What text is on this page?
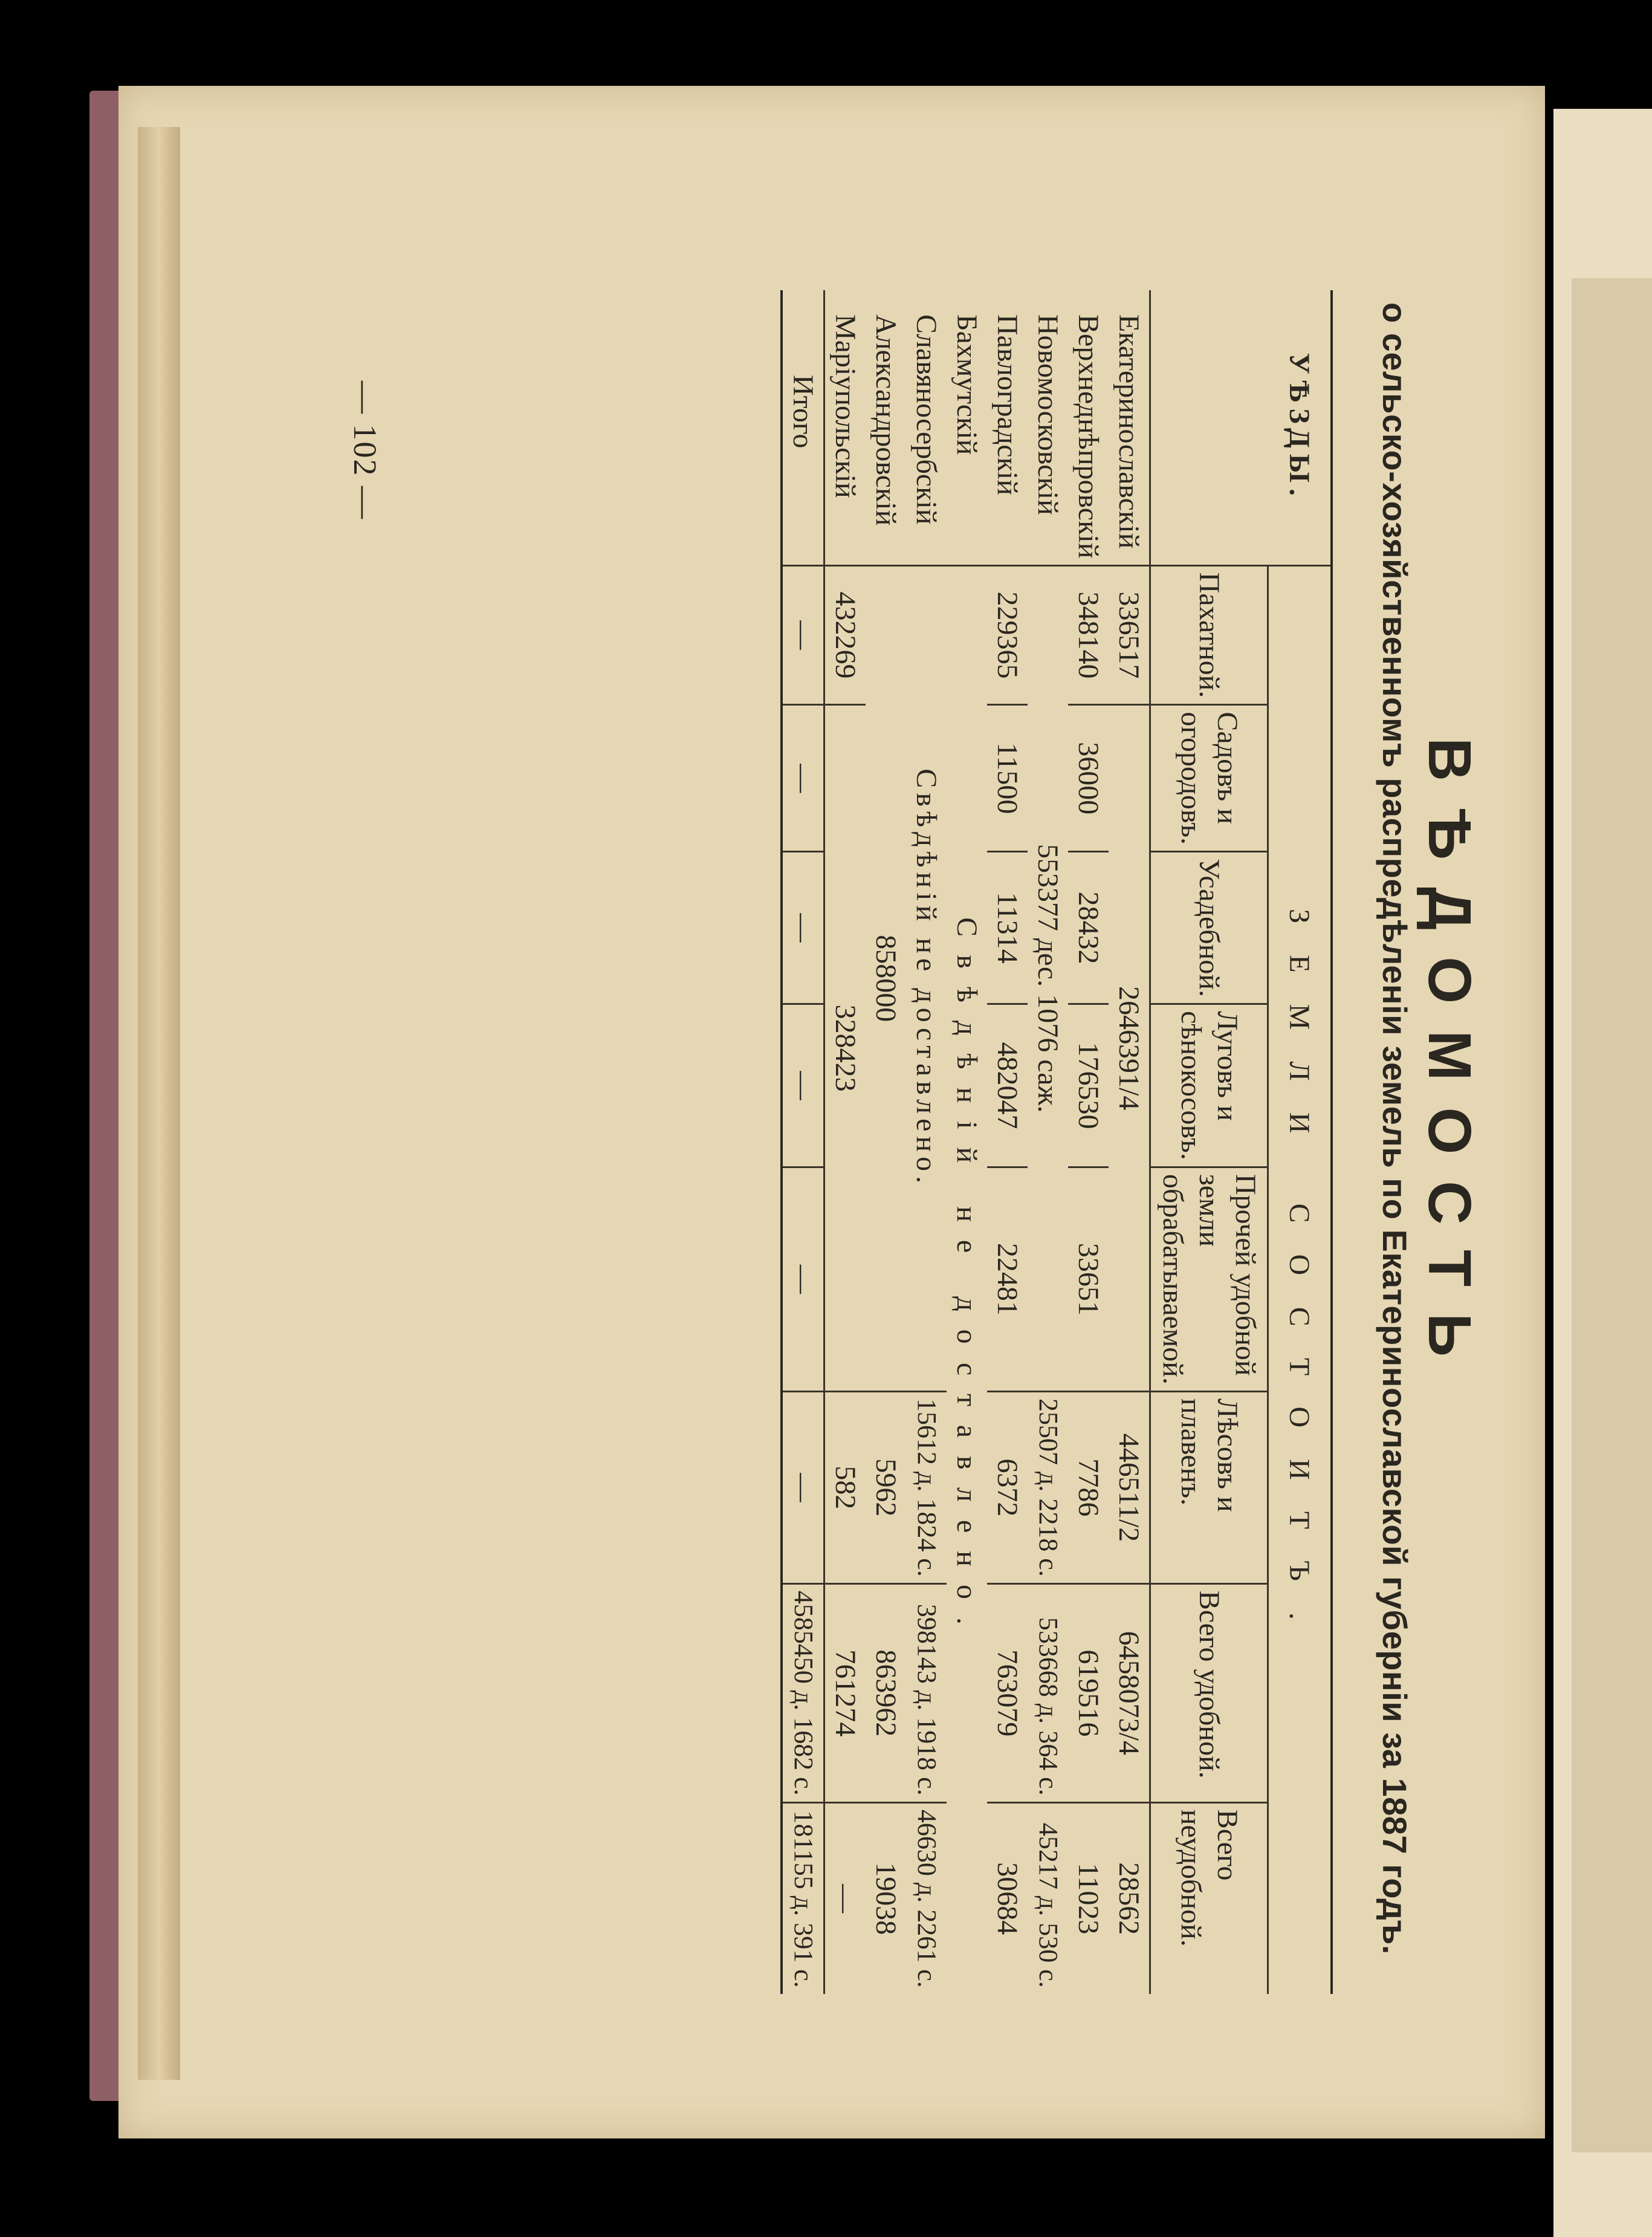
— 102 —
ВѢДОМОСТЬ
о сельско-хозяйственномъ распредѣленіи земель по Екатеринославской губерніи за 1887 годъ.
УѢЗДЫ.	ЗЕМЛИ СОСТОИТЪ.							
	Пахатной.	Садовъ и огородовъ.	Усадебной.	Луговъ и сѣнокосовъ.	Прочей удобной земли обрабатываемой.	Лѣсовъ и плавенъ.	Всего удобной.	Всего неудобной.
Екатеринославскій	336517	2646391/4				446511/2	6458073/4	28562
Верхнеднѣпровскій	348140	36000	28432	176530	33651	7786	619516	11023
Новомосковскій	553377 дес. 1076 саж.					25507 д. 2218 с.	533668 д. 364 с.	45217 д. 530 с.
Павлоградскій	229365	11500	11314	482047	22481	6372	763079	30684
Бахмутскій	Свѣдѣній не доставлено.							
Славяносербскій	Свѣдѣній не доставлено.					15612 д. 1824 с.	398143 д. 1918 с.	46630 д. 2261 с.
Александровскій	858000					5962	863962	19038
Маріупольскій	432269	328423				582	761274	—
Итого	—	—	—	—	—	—	4585450 д. 1682 с.	181155 д. 391 с.
